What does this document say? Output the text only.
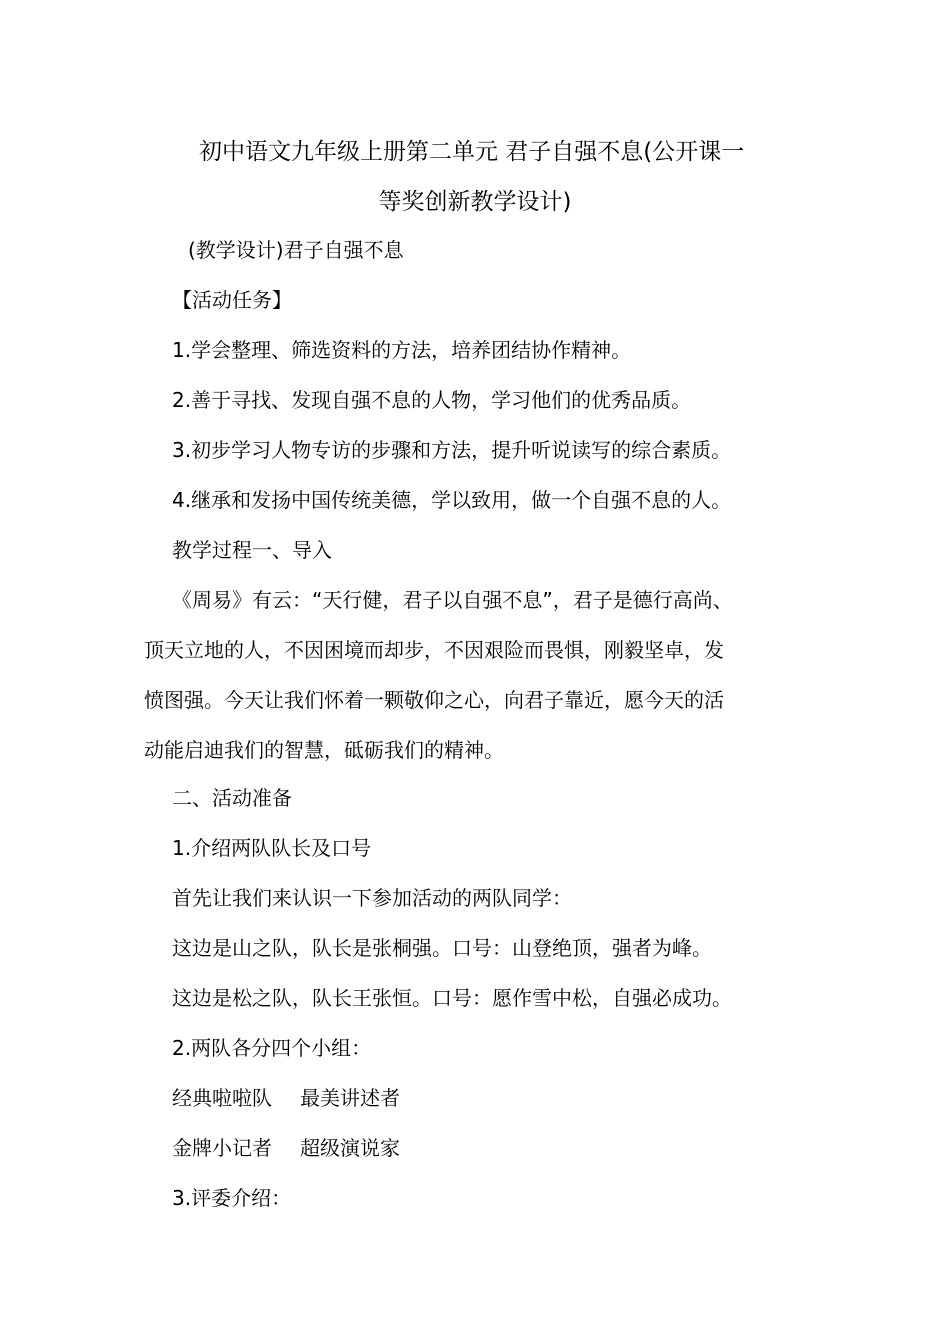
初中语文九年级上册第二单元 君子自强不息(公开课一
等奖创新教学设计)
(教学设计)君子自强不息
【活动任务】
1.学会整理、筛选资料的方法，培养团结协作精神。
2.善于寻找、发现自强不息的人物，学习他们的优秀品质。
3.初步学习人物专访的步骤和方法，提升听说读写的综合素质。
4.继承和发扬中国传统美德，学以致用，做一个自强不息的人。
教学过程一、导入
《周易》有云：“天行健，君子以自强不息”，君子是德行高尚、
顶天立地的人，不因困境而却步，不因艰险而畏惧，刚毅坚卓，发
愤图强。今天让我们怀着一颗敬仰之心，向君子靠近，愿今天的活
动能启迪我们的智慧，砥砺我们的精神。
二、活动准备
1.介绍两队队长及口号
首先让我们来认识一下参加活动的两队同学：
这边是山之队，队长是张桐强。口号：山登绝顶，强者为峰。
这边是松之队，队长王张恒。口号：愿作雪中松，自强必成功。
2.两队各分四个小组：
经典啦啦队 最美讲述者
金牌小记者 超级演说家
3.评委介绍：
